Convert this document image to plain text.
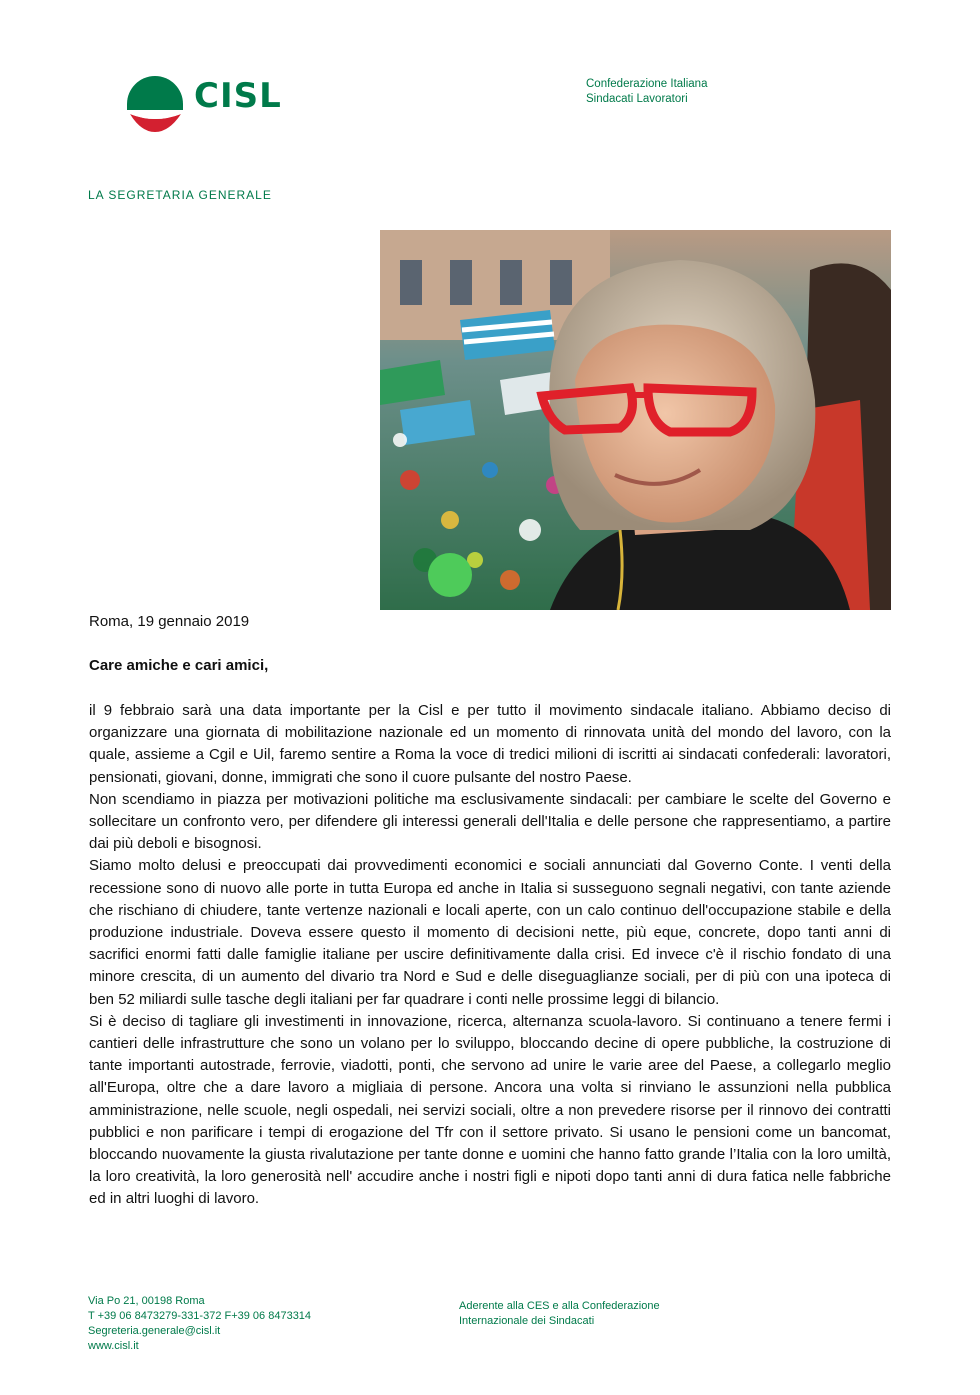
CISL	Confederazione Italiana
Sindacati Lavoratori
LA SEGRETARIA GENERALE
Roma, 19 gennaio 2019
Care amiche e cari amici,

il 9 febbraio sarà una data importante per la Cisl e per tutto il movimento sindacale italiano. Abbiamo deciso di organizzare una giornata di mobilitazione nazionale ed un momento di rinnovata unità del mondo del lavoro, con la quale, assieme a Cgil e Uil, faremo sentire a Roma la voce di tredici milioni di iscritti ai sindacati confederali: lavoratori, pensionati, giovani, donne, immigrati che sono il cuore pulsante del nostro Paese.

Non scendiamo in piazza per motivazioni politiche ma esclusivamente sindacali: per cambiare le scelte del Governo e sollecitare un confronto vero, per difendere gli interessi generali dell'Italia e delle persone che rappresentiamo, a partire dai più deboli e bisognosi.

Siamo molto delusi e preoccupati dai provvedimenti economici e sociali annunciati dal Governo Conte. I venti della recessione sono di nuovo alle porte in tutta Europa ed anche in Italia si susseguono segnali negativi, con tante aziende che rischiano di chiudere, tante vertenze nazionali e locali aperte, con un calo continuo dell'occupazione stabile e della produzione industriale. Doveva essere questo il momento di decisioni nette, più eque, concrete, dopo tanti anni di sacrifici enormi fatti dalle famiglie italiane per uscire definitivamente dalla crisi. Ed invece c'è il rischio fondato di una minore crescita, di un aumento del divario tra Nord e Sud e delle diseguaglianze sociali, per di più con una ipoteca di ben 52 miliardi sulle tasche degli italiani per far quadrare i conti nelle prossime leggi di bilancio.

Si è deciso di tagliare gli investimenti in innovazione, ricerca, alternanza scuola-lavoro. Si continuano a tenere fermi i cantieri delle infrastrutture che sono un volano per lo sviluppo, bloccando decine di opere pubbliche, la costruzione di tante importanti autostrade, ferrovie, viadotti, ponti, che servono ad unire le varie aree del Paese, a collegarlo meglio all'Europa, oltre che a dare lavoro a migliaia di persone. Ancora una volta si rinviano le assunzioni nella pubblica amministrazione, nelle scuole, negli ospedali, nei servizi sociali, oltre a non prevedere risorse per il rinnovo dei contratti pubblici e non parificare i tempi di erogazione del Tfr con il settore privato. Si usano le pensioni come un bancomat, bloccando nuovamente la giusta rivalutazione per tante donne e uomini che hanno fatto grande l’Italia con la loro umiltà, la loro creatività, la loro generosità nell' accudire anche i nostri figli e nipoti dopo tanti anni di dura fatica nelle fabbriche ed in altri luoghi di lavoro.

Via Po 21, 00198 Roma
T +39 06 8473279-331-372 F+39 06 8473314
Segreteria.generale@cisl.it
www.cisl.it
Aderente alla CES e alla Confederazione
Internazionale dei Sindacati
